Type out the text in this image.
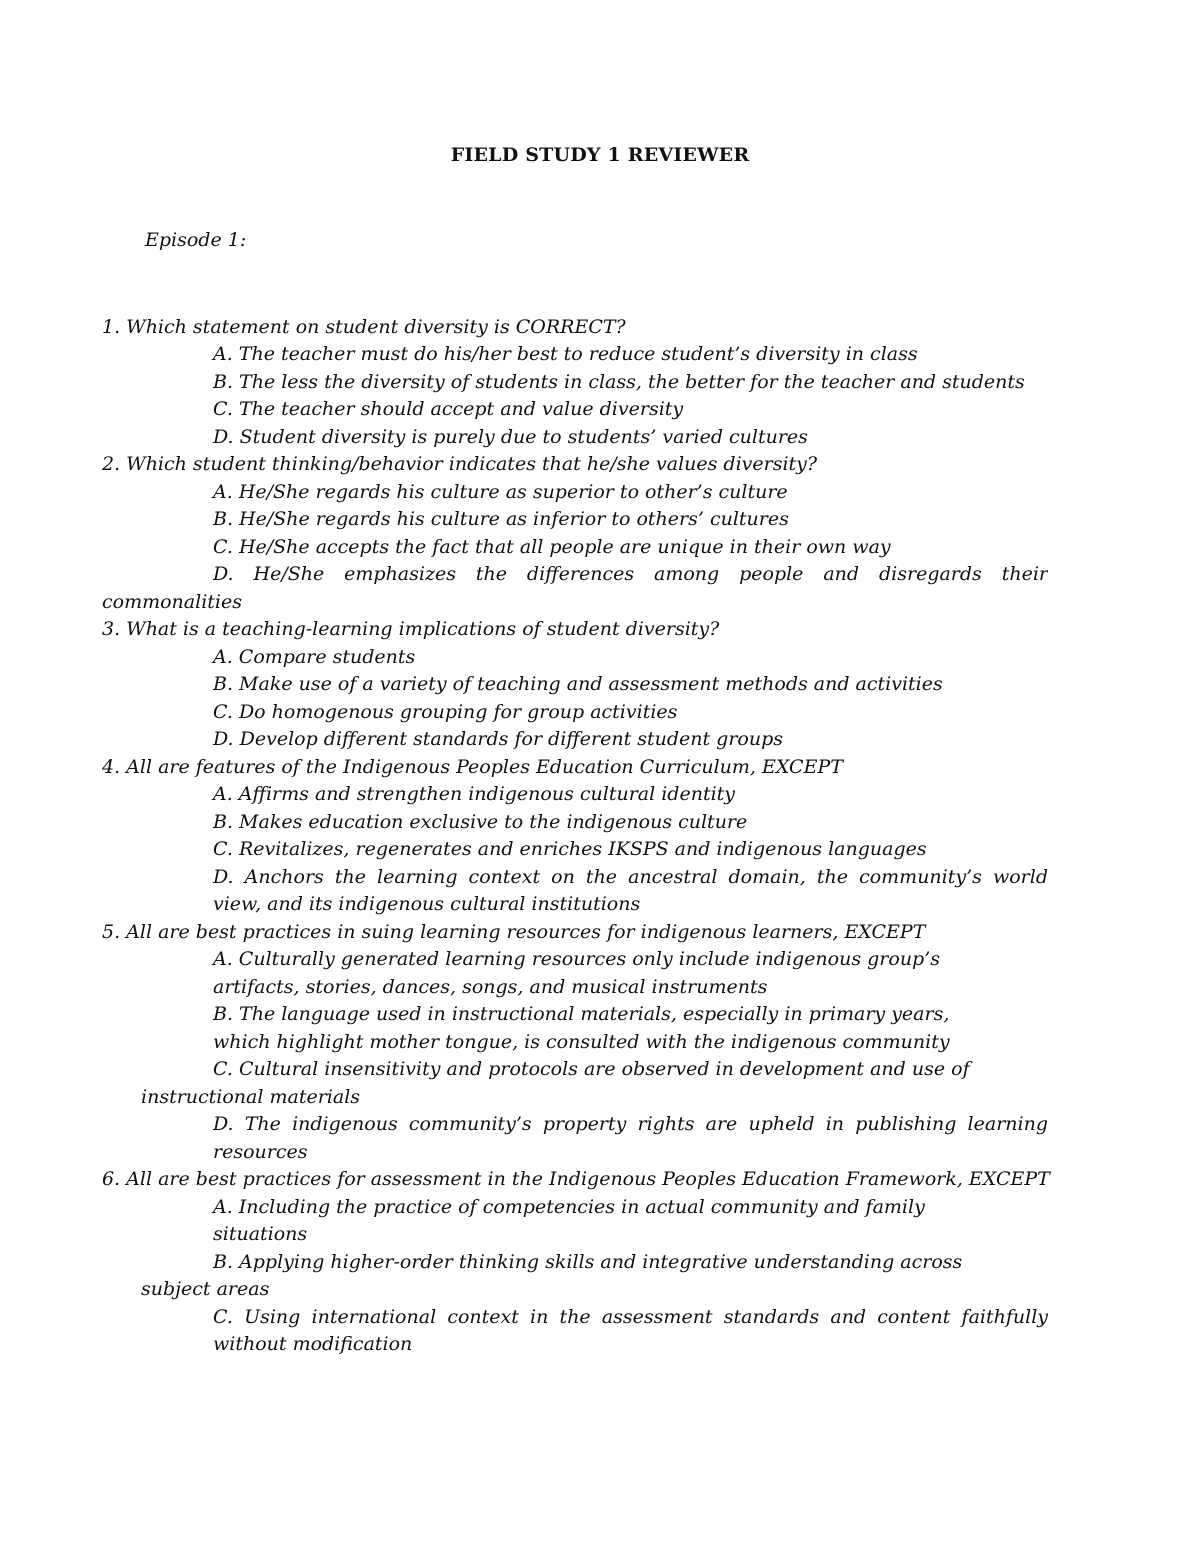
FIELD STUDY 1 REVIEWER
Episode 1:
1. Which statement on student diversity is CORRECT?
A. The teacher must do his/her best to reduce student’s diversity in class
B. The less the diversity of students in class, the better for the teacher and students
C. The teacher should accept and value diversity
D. Student diversity is purely due to students’ varied cultures
2. Which student thinking/behavior indicates that he/she values diversity?
A. He/She regards his culture as superior to other’s culture
B. He/She regards his culture as inferior to others’ cultures
C. He/She accepts the fact that all people are unique in their own way
D. He/She emphasizes the differences among people and disregards their
commonalities
3. What is a teaching-learning implications of student diversity?
A. Compare students
B. Make use of a variety of teaching and assessment methods and activities
C. Do homogenous grouping for group activities
D. Develop different standards for different student groups
4. All are features of the Indigenous Peoples Education Curriculum, EXCEPT
A. Affirms and strengthen indigenous cultural identity
B. Makes education exclusive to the indigenous culture
C. Revitalizes, regenerates and enriches IKSPS and indigenous languages
D. Anchors the learning context on the ancestral domain, the community’s world
view, and its indigenous cultural institutions
5. All are best practices in suing learning resources for indigenous learners, EXCEPT
A. Culturally generated learning resources only include indigenous group’s
artifacts, stories, dances, songs, and musical instruments
B. The language used in instructional materials, especially in primary years,
which highlight mother tongue, is consulted with the indigenous community
C. Cultural insensitivity and protocols are observed in development and use of
instructional materials
D. The indigenous community’s property rights are upheld in publishing learning
resources
6. All are best practices for assessment in the Indigenous Peoples Education Framework, EXCEPT
A. Including the practice of competencies in actual community and family
situations
B. Applying higher-order thinking skills and integrative understanding across
subject areas
C. Using international context in the assessment standards and content faithfully
without modification
